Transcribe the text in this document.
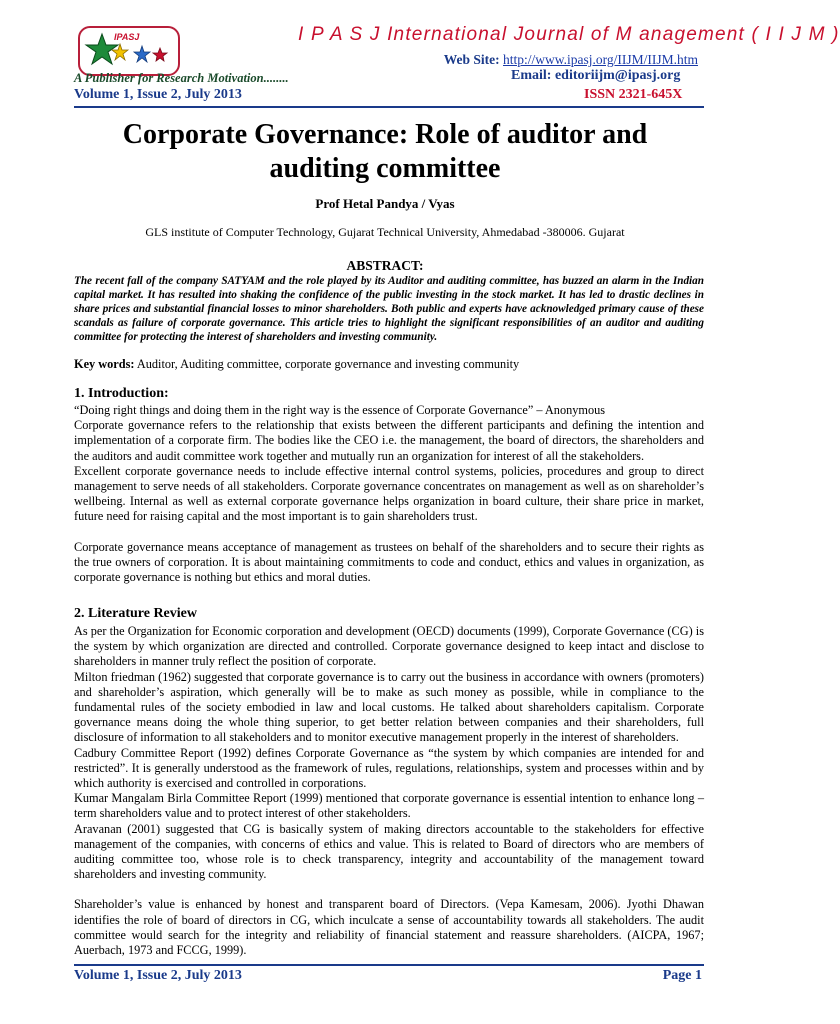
IPASJ	I P A S J International Journal of M anagement ( I I J M )
Web Site: http://www.ipasj.org/IIJM/IIJM.htm
A Publisher for Research Motivation........	Email: editoriijm@ipasj.org
Volume 1, Issue 2, July 2013	ISSN 2321-645X
Corporate Governance: Role of auditor and auditing committee
Prof Hetal Pandya / Vyas
GLS institute of Computer Technology, Gujarat Technical University, Ahmedabad -380006. Gujarat
ABSTRACT:
The recent fall of the company SATYAM and the role played by its Auditor and auditing committee, has buzzed an alarm in the Indian capital market. It has resulted into shaking the confidence of the public investing in the stock market. It has led to drastic declines in share prices and substantial financial losses to minor shareholders. Both public and experts have acknowledged primary cause of these scandals as failure of corporate governance. This article tries to highlight the significant responsibilities of an auditor and auditing committee for protecting the interest of shareholders and investing community.
Key words: Auditor, Auditing committee, corporate governance and investing community
1. Introduction:

“Doing right things and doing them in the right way is the essence of Corporate Governance” – Anonymous

Corporate governance refers to the relationship that exists between the different participants and defining the intention and implementation of a corporate firm. The bodies like the CEO i.e. the management, the board of directors, the shareholders and the auditors and audit committee work together and mutually run an organization for interest of all the stakeholders.

Excellent corporate governance needs to include effective internal control systems, policies, procedures and group to direct management to serve needs of all stakeholders. Corporate governance concentrates on management as well as on shareholder’s wellbeing. Internal as well as external corporate governance helps organization in board culture, their share price in market, future need for raising capital and the most important is to gain shareholders trust.

Corporate governance means acceptance of management as trustees on behalf of the shareholders and to secure their rights as the true owners of corporation. It is about maintaining commitments to code and conduct, ethics and values in organization, as corporate governance is nothing but ethics and moral duties.

2. Literature Review

As per the Organization for Economic corporation and development (OECD) documents (1999), Corporate Governance (CG) is the system by which organization are directed and controlled. Corporate governance designed to keep intact and disclose to shareholders in manner truly reflect the position of corporate.

Milton friedman (1962) suggested that corporate governance is to carry out the business in accordance with owners (promoters) and shareholder’s aspiration, which generally will be to make as such money as possible, while in compliance to the fundamental rules of the society embodied in law and local customs. He talked about shareholders capitalism. Corporate governance means doing the whole thing superior, to get better relation between companies and their shareholders, full disclosure of information to all stakeholders and to monitor executive management properly in the interest of shareholders.

Cadbury Committee Report (1992) defines Corporate Governance as “the system by which companies are intended for and restricted”. It is generally understood as the framework of rules, regulations, relationships, system and processes within and by which authority is exercised and controlled in corporations.

Kumar Mangalam Birla Committee Report (1999) mentioned that corporate governance is essential intention to enhance long – term shareholders value and to protect interest of other stakeholders.

Aravanan (2001) suggested that CG is basically system of making directors accountable to the stakeholders for effective management of the companies, with concerns of ethics and value. This is related to Board of directors who are members of auditing committee too, whose role is to check transparency, integrity and accountability of the management toward shareholders and investing community.

Shareholder’s value is enhanced by honest and transparent board of Directors. (Vepa Kamesam, 2006). Jyothi Dhawan identifies the role of board of directors in CG, which inculcate a sense of accountability towards all stakeholders. The audit committee would search for the integrity and reliability of financial statement and reassure shareholders. (AICPA, 1967; Auerbach, 1973 and FCCG, 1999).

Volume 1, Issue 2, July 2013	Page 1
